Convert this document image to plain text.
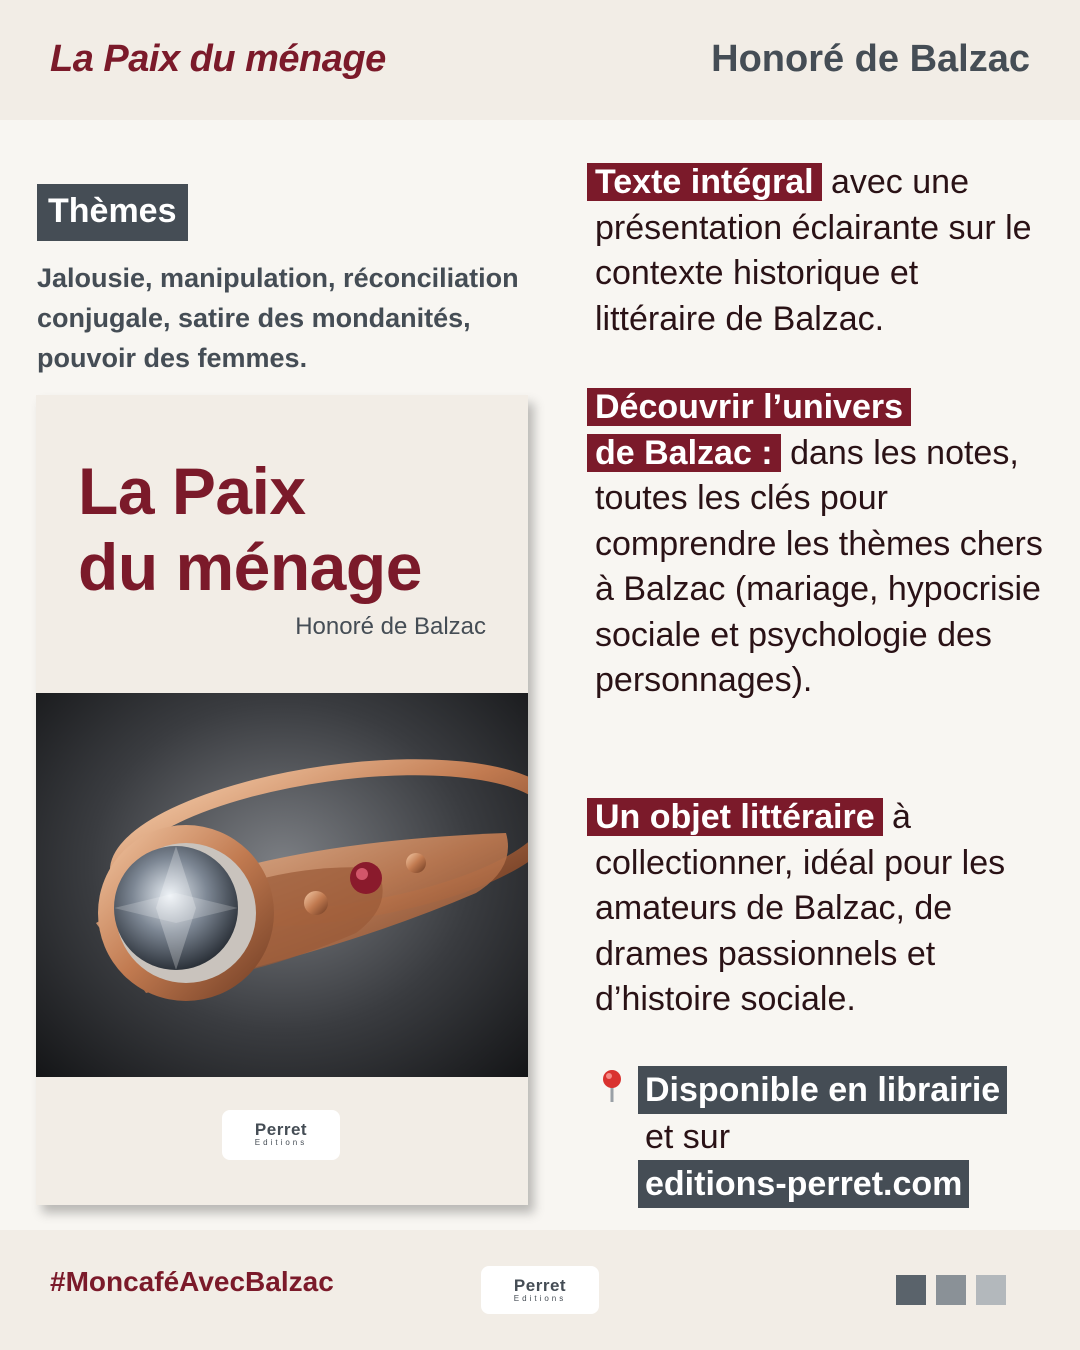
La Paix du ménage	Honoré de Balzac
Thèmes
Jalousie, manipulation, réconciliation conjugale, satire des mondanités, pouvoir des femmes.
La Paix
du ménage
Honoré de Balzac
Perret
Editions
Texte intégral avec une présentation éclairante sur le contexte historique et littéraire de Balzac.
Découvrir l’univers
de Balzac : dans les notes, toutes les clés pour comprendre les thèmes chers à Balzac (mariage, hypocrisie sociale et psychologie des personnages).
Un objet littéraire à collectionner, idéal pour les amateurs de Balzac, de drames passionnels et d’histoire sociale.
Disponible en librairie
et sur
editions-perret.com
#MoncaféAvecBalzac	Perret
Editions
